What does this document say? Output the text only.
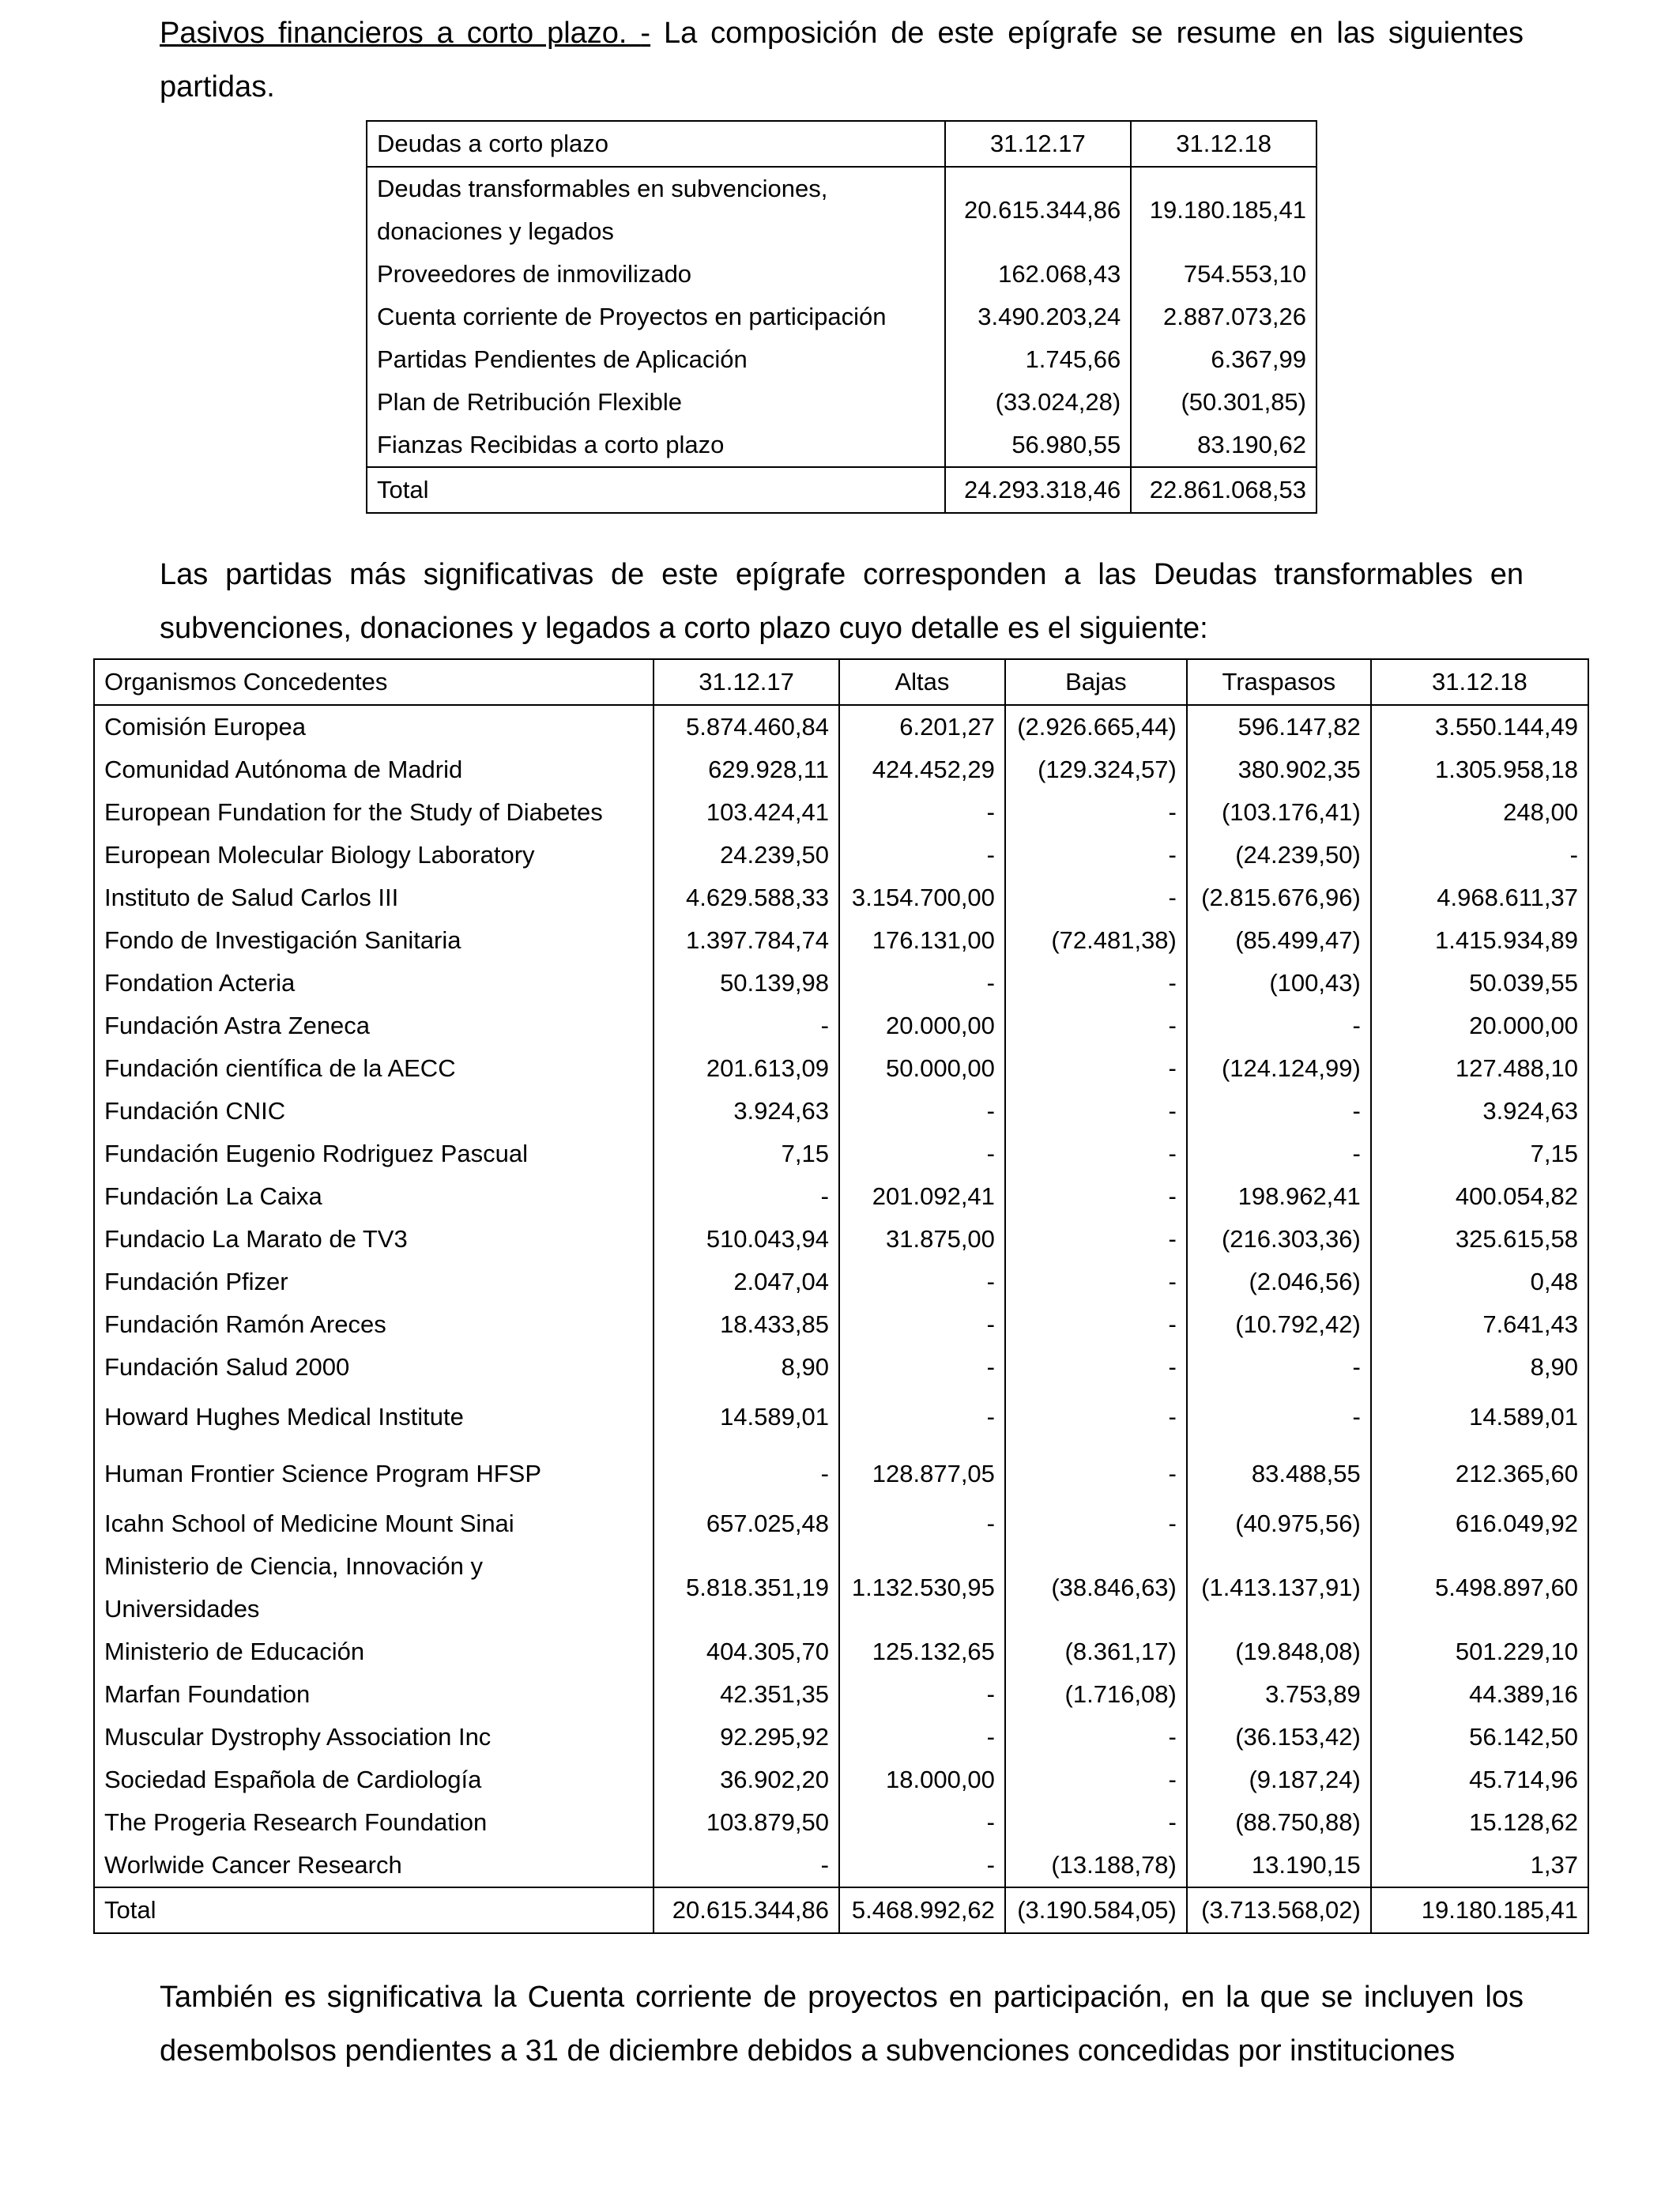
Pasivos financieros a corto plazo. - La composición de este epígrafe se resume en las siguientes partidas.
Deudas a corto plazo	31.12.17	31.12.18
Deudas transformables en subvenciones, donaciones y legados	20.615.344,86	19.180.185,41
Proveedores de inmovilizado	162.068,43	754.553,10
Cuenta corriente de Proyectos en participación	3.490.203,24	2.887.073,26
Partidas Pendientes de Aplicación	1.745,66	6.367,99
Plan de Retribución Flexible	(33.024,28)	(50.301,85)
Fianzas Recibidas a corto plazo	56.980,55	83.190,62
Total	24.293.318,46	22.861.068,53
Las partidas más significativas de este epígrafe corresponden a las Deudas transformables en subvenciones, donaciones y legados a corto plazo cuyo detalle es el siguiente:
Organismos Concedentes	31.12.17	Altas	Bajas	Traspasos	31.12.18
Comisión Europea	5.874.460,84	6.201,27	(2.926.665,44)	596.147,82	3.550.144,49
Comunidad Autónoma de Madrid	629.928,11	424.452,29	(129.324,57)	380.902,35	1.305.958,18
European Fundation for the Study of Diabetes	103.424,41	-	-	(103.176,41)	248,00
European Molecular Biology Laboratory	24.239,50	-	-	(24.239,50)	-
Instituto de Salud Carlos III	4.629.588,33	3.154.700,00	-	(2.815.676,96)	4.968.611,37
Fondo de Investigación Sanitaria	1.397.784,74	176.131,00	(72.481,38)	(85.499,47)	1.415.934,89
Fondation Acteria	50.139,98	-	-	(100,43)	50.039,55
Fundación Astra Zeneca	-	20.000,00	-	-	20.000,00
Fundación científica de la AECC	201.613,09	50.000,00	-	(124.124,99)	127.488,10
Fundación CNIC	3.924,63	-	-	-	3.924,63
Fundación Eugenio Rodriguez Pascual	7,15	-	-	-	7,15
Fundación La Caixa	-	201.092,41	-	198.962,41	400.054,82
Fundacio La Marato de TV3	510.043,94	31.875,00	-	(216.303,36)	325.615,58
Fundación Pfizer	2.047,04	-	-	(2.046,56)	0,48
Fundación Ramón Areces	18.433,85	-	-	(10.792,42)	7.641,43
Fundación Salud 2000	8,90	-	-	-	8,90
Howard Hughes Medical Institute	14.589,01	-	-	-	14.589,01
Human Frontier Science Program HFSP	-	128.877,05	-	83.488,55	212.365,60
Icahn School of Medicine Mount Sinai	657.025,48	-	-	(40.975,56)	616.049,92
Ministerio de Ciencia, Innovación y Universidades	5.818.351,19	1.132.530,95	(38.846,63)	(1.413.137,91)	5.498.897,60
Ministerio de Educación	404.305,70	125.132,65	(8.361,17)	(19.848,08)	501.229,10
Marfan Foundation	42.351,35	-	(1.716,08)	3.753,89	44.389,16
Muscular Dystrophy Association Inc	92.295,92	-	-	(36.153,42)	56.142,50
Sociedad Española de Cardiología	36.902,20	18.000,00	-	(9.187,24)	45.714,96
The Progeria Research Foundation	103.879,50	-	-	(88.750,88)	15.128,62
Worlwide Cancer Research	-	-	(13.188,78)	13.190,15	1,37
Total	20.615.344,86	5.468.992,62	(3.190.584,05)	(3.713.568,02)	19.180.185,41
También es significativa la Cuenta corriente de proyectos en participación, en la que se incluyen los desembolsos pendientes a 31 de diciembre debidos a subvenciones concedidas por instituciones
